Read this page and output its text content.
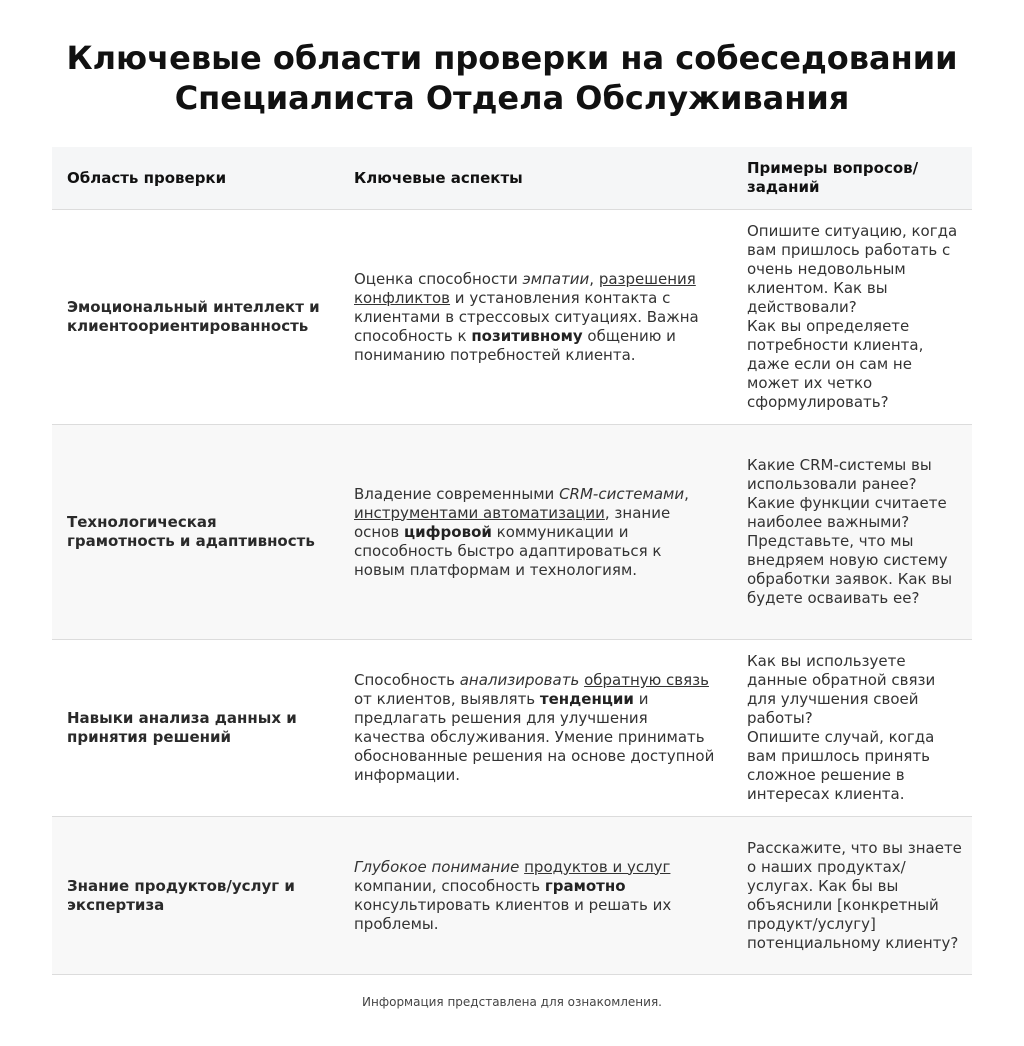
Ключевые области проверки на собеседовании
Специалиста Отдела Обслуживания
Область проверки	Ключевые аспекты	Примеры вопросов/заданий
Эмоциональный интеллект и клиентоориентированность	Оценка способности эмпатии, разрешения конфликтов и установления контакта с клиентами в стрессовых ситуациях. Важна способность к позитивному общению и пониманию потребностей клиента.	Опишите ситуацию, когда вам пришлось работать с очень недовольным клиентом. Как вы действовали?
Как вы определяете потребности клиента, даже если он сам не может их четко сформулировать?

Технологическая грамотность и адаптивность	Владение современными CRM-системами, инструментами автоматизации, знание основ цифровой коммуникации и способность быстро адаптироваться к новым платформам и технологиям.	Какие CRM-системы вы использовали ранее? Какие функции считаете наиболее важными?
Представьте, что мы внедряем новую систему обработки заявок. Как вы будете осваивать ее?

Навыки анализа данных и принятия решений	Способность анализировать обратную связь от клиентов, выявлять тенденции и предлагать решения для улучшения качества обслуживания. Умение принимать обоснованные решения на основе доступной информации.	Как вы используете данные обратной связи для улучшения своей работы?
Опишите случай, когда вам пришлось принять сложное решение в интересах клиента.

Знание продуктов/услуг и экспертиза	Глубокое понимание продуктов и услуг компании, способность грамотно консультировать клиентов и решать их проблемы.	Расскажите, что вы знаете о наших продуктах/услугах. Как бы вы объяснили [конкретный продукт/услугу] потенциальному клиенту?
Информация представлена для ознакомления.
